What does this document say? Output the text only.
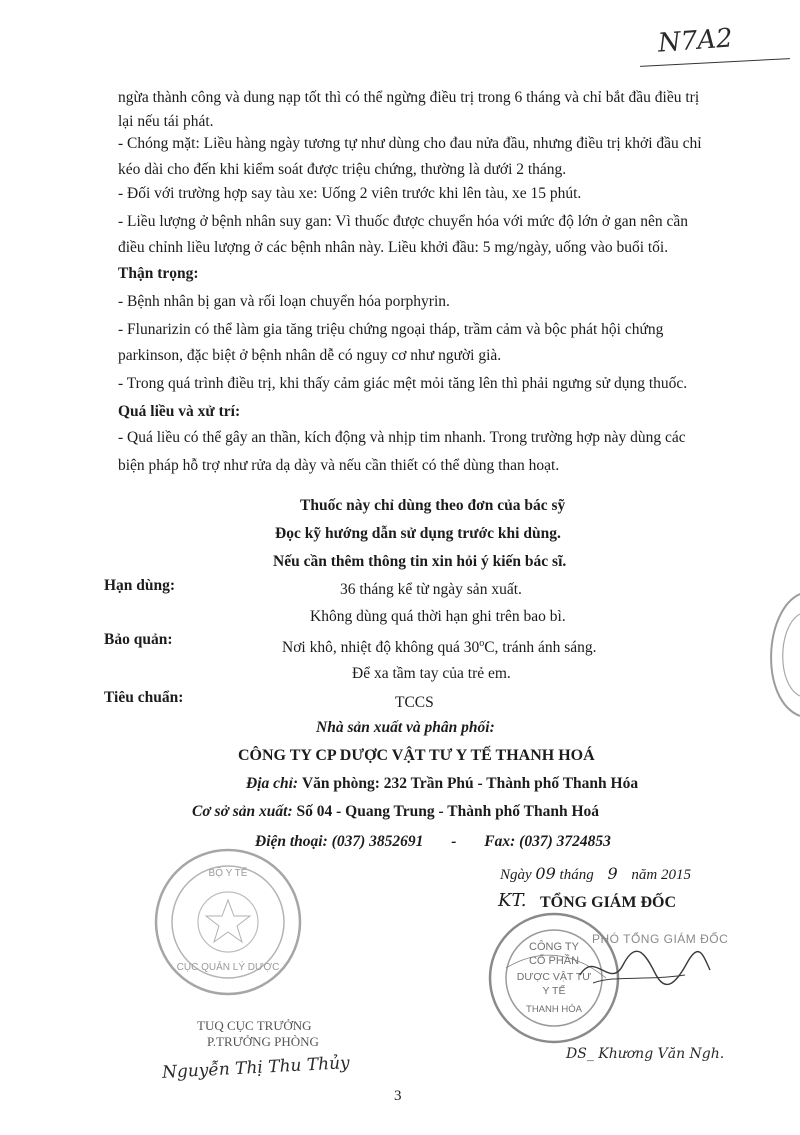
N7A2
ngừa thành công và dung nạp tốt thì có thể ngừng điều trị trong 6 tháng và chỉ bắt đầu điều trị
lại nếu tái phát.
- Chóng mặt: Liều hàng ngày tương tự như dùng cho đau nửa đầu, nhưng điều trị khởi đầu chỉ
kéo dài cho đến khi kiểm soát được triệu chứng, thường là dưới 2 tháng.
- Đối với trường hợp say tàu xe: Uống 2 viên trước khi lên tàu, xe 15 phút.
- Liều lượng ở bệnh nhân suy gan: Vì thuốc được chuyển hóa với mức độ lớn ở gan nên cần
điều chỉnh liều lượng ở các bệnh nhân này. Liều khởi đầu: 5 mg/ngày, uống vào buổi tối.
Thận trọng:
- Bệnh nhân bị gan và rối loạn chuyển hóa porphyrin.
- Flunarizin có thể làm gia tăng triệu chứng ngoại tháp, trầm cảm và bộc phát hội chứng
parkinson, đặc biệt ở bệnh nhân dễ có nguy cơ như người già.
- Trong quá trình điều trị, khi thấy cảm giác mệt mỏi tăng lên thì phải ngưng sử dụng thuốc.
Quá liều và xử trí:
- Quá liều có thể gây an thần, kích động và nhịp tim nhanh. Trong trường hợp này dùng các
biện pháp hỗ trợ như rửa dạ dày và nếu cần thiết có thể dùng than hoạt.
Thuốc này chỉ dùng theo đơn của bác sỹ
Đọc kỹ hướng dẫn sử dụng trước khi dùng.
Nếu cần thêm thông tin xin hỏi ý kiến bác sĩ.
Hạn dùng:	36 tháng kể từ ngày sản xuất.
Không dùng quá thời hạn ghi trên bao bì.
Bảo quản:	Nơi khô, nhiệt độ không quá 30$^o$C, tránh ánh sáng.
Để xa tầm tay của trẻ em.
Tiêu chuẩn:	TCCS
Nhà sản xuất và phân phối:
CÔNG TY CP DƯỢC VẬT TƯ Y TẾ THANH HOÁ
Địa chỉ: Văn phòng: 232 Trần Phú - Thành phố Thanh Hóa
Cơ sở sản xuất: Số 04 - Quang Trung - Thành phố Thanh Hoá
Điện thoại: (037) 3852691 - Fax: (037) 3724853
Ngày 09 tháng 9 năm 2015
KT. TỔNG GIÁM ĐỐC
CÔNG TY
CỔ PHẦN
DƯỢC VẬT TƯ
Y TẾ
THANH HÓA
PHÓ TỔNG GIÁM ĐỐC
DS_ Khương Văn Ngh.
BỘ Y TẾ
CỤC QUẢN LÝ DƯỢC
TUQ CỤC TRƯỞNG
P.TRƯỞNG PHÒNG
Nguyễn Thị Thu Thủy
3
